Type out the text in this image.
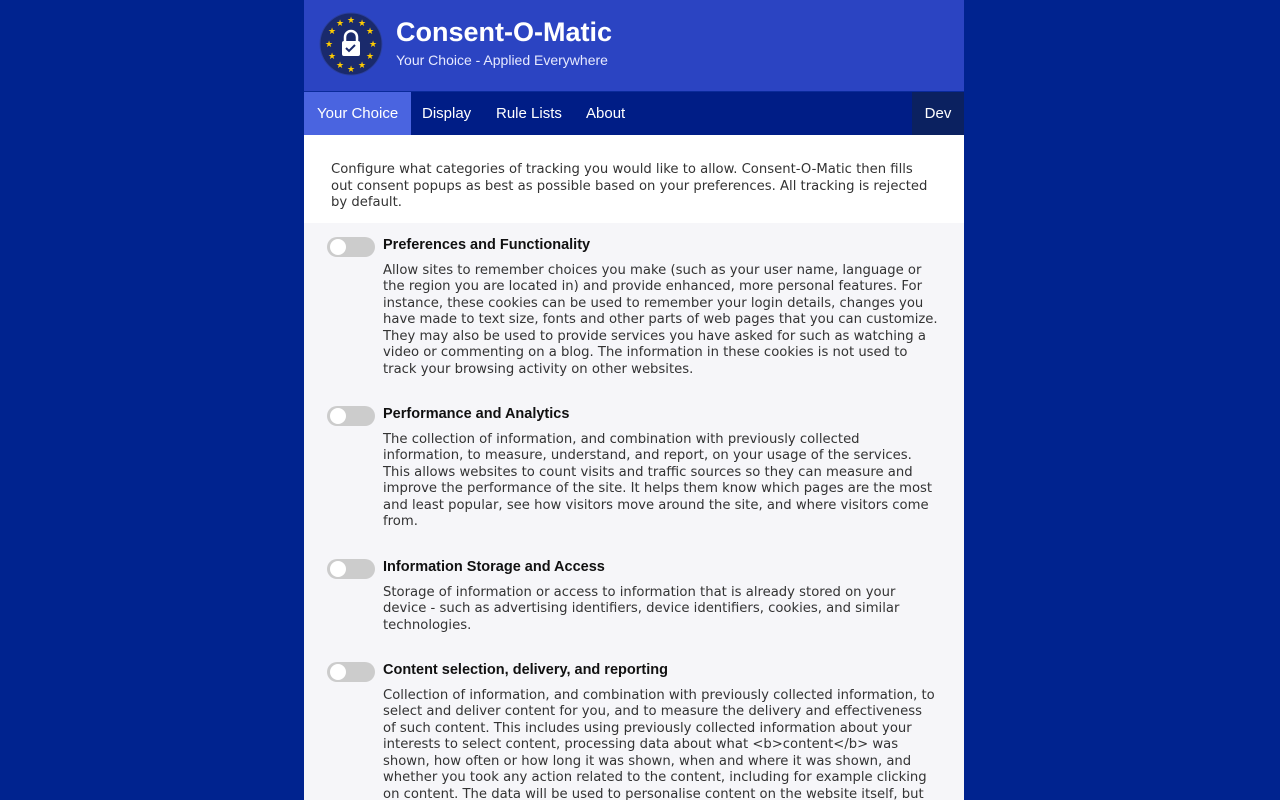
★ ★
★
★
★
★
★
★
★
★
★
★ Consent-O-Matic
Your Choice - Applied Everywhere
Your Choice	Display	Rule Lists	About	Dev
Configure what categories of tracking you would like to allow. Consent-O-Matic then fills out consent popups as best as possible based on your preferences. All tracking is rejected by default.
Preferences and Functionality

Allow sites to remember choices you make (such as your user name, language or the region you are located in) and provide enhanced, more personal features. For instance, these cookies can be used to remember your login details, changes you have made to text size, fonts and other parts of web pages that you can customize. They may also be used to provide services you have asked for such as watching a video or commenting on a blog. The information in these cookies is not used to track your browsing activity on other websites.

Performance and Analytics

The collection of information, and combination with previously collected information, to measure, understand, and report, on your usage of the services. This allows websites to count visits and traffic sources so they can measure and improve the performance of the site. It helps them know which pages are the most and least popular, see how visitors move around the site, and where visitors come from.

Information Storage and Access

Storage of information or access to information that is already stored on your device - such as advertising identifiers, device identifiers, cookies, and similar technologies.

Content selection, delivery, and reporting

Collection of information, and combination with previously collected information, to select and deliver content for you, and to measure the delivery and effectiveness of such content. This includes using previously collected information about your interests to select content, processing data about what <b>content</b> was shown, how often or how long it was shown, when and where it was shown, and whether you took any action related to the content, including for example clicking on content. The data will be used to personalise content on the website itself, but
